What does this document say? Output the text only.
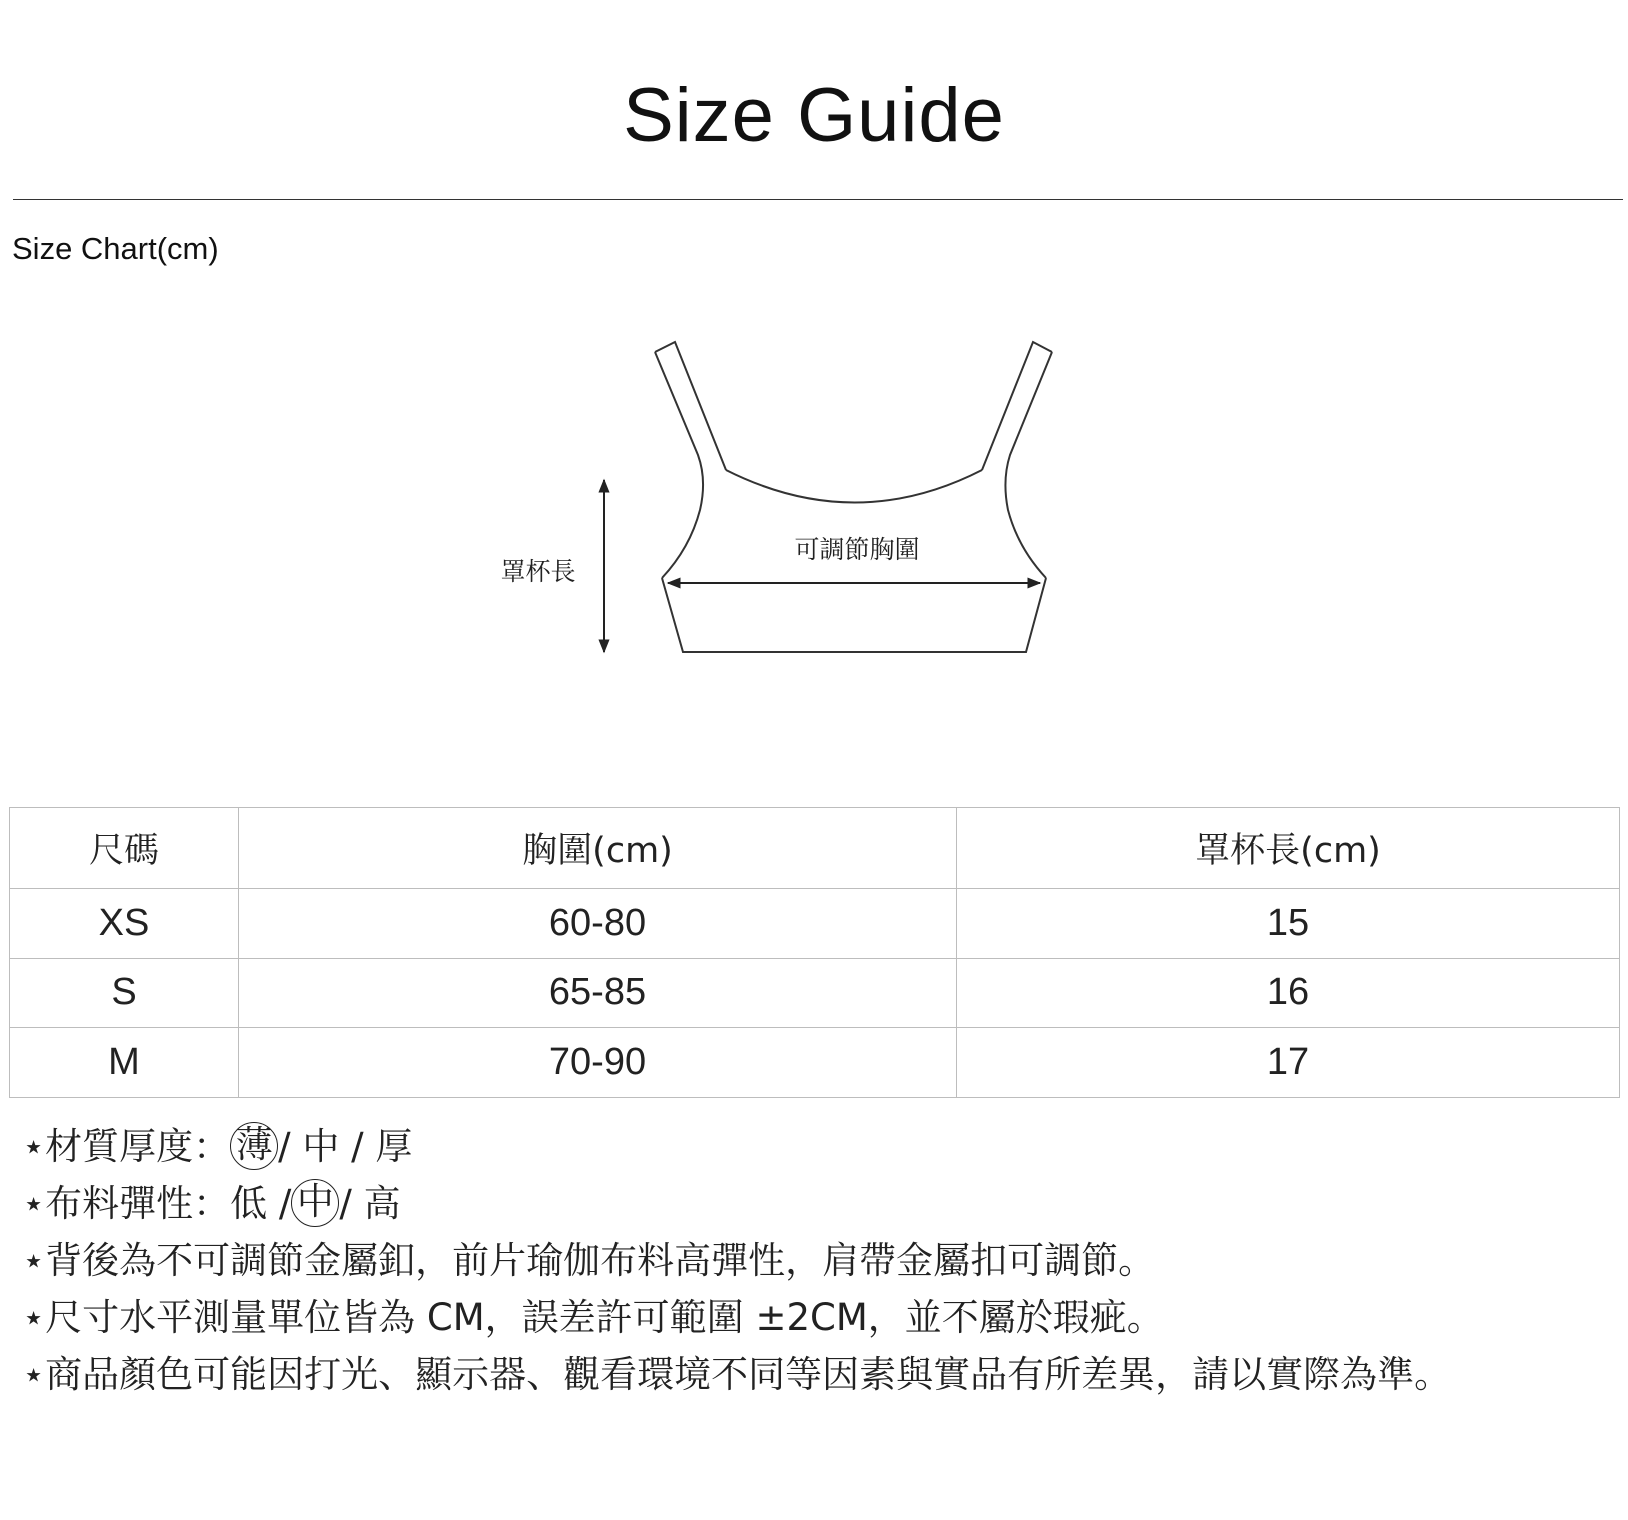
Size Guide
Size Chart(cm)
可調節胸圍
罩杯長
尺碼	胸圍(cm)	罩杯長(cm)
XS	60-80	15
S	65-85	16
M	70-90	17
⋆材質厚度： 薄 / 中 / 厚
⋆布料彈性：低 / 中 / 高
⋆背後為不可調節金屬釦，前片瑜伽布料高彈性，肩帶金屬扣可調節。
⋆尺寸水平測量單位皆為 CM，誤差許可範圍 ±2CM，並不屬於瑕疵。
⋆商品顏色可能因打光、顯示器、觀看環境不同等因素與實品有所差異，請以實際為準。
